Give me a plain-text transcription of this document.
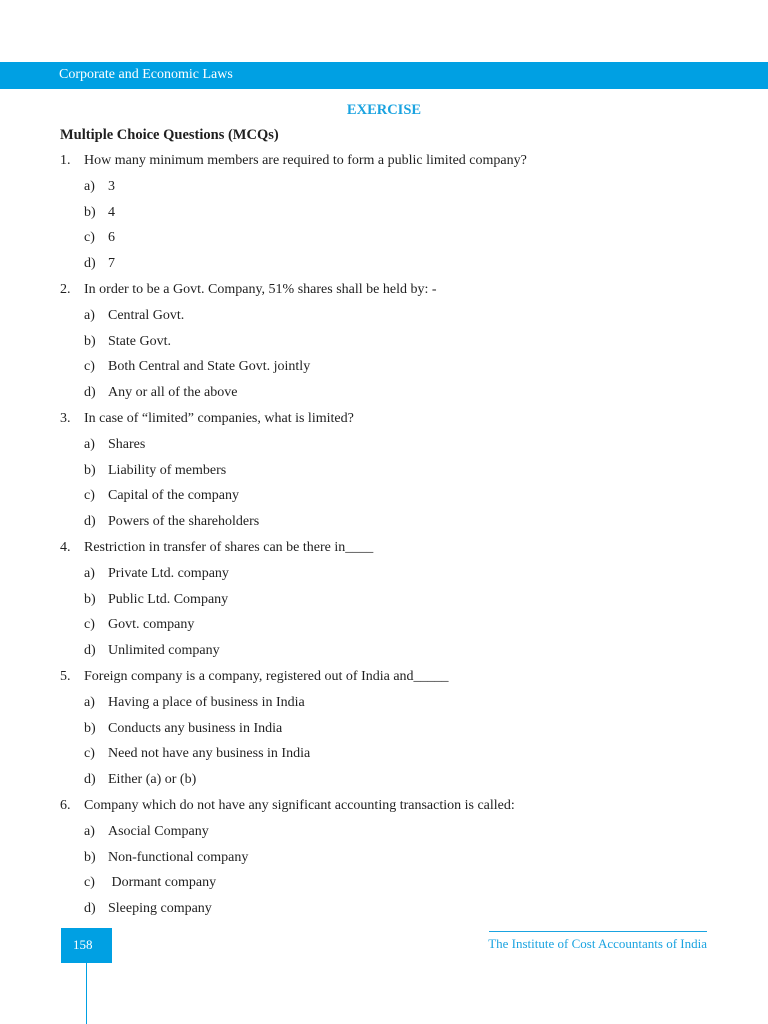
Corporate and Economic Laws
EXERCISE
Multiple Choice Questions (MCQs)
1. How many minimum members are required to form a public limited company?
a) 3
b) 4
c) 6
d) 7
2. In order to be a Govt. Company, 51% shares shall be held by: -
a) Central Govt.
b) State Govt.
c) Both Central and State Govt. jointly
d) Any or all of the above
3. In case of “limited” companies, what is limited?
a) Shares
b) Liability of members
c) Capital of the company
d) Powers of the shareholders
4. Restriction in transfer of shares can be there in____
a) Private Ltd. company
b) Public Ltd. Company
c) Govt. company
d) Unlimited company
5. Foreign company is a company, registered out of India and_____
a) Having a place of business in India
b) Conducts any business in India
c) Need not have any business in India
d) Either (a) or (b)
6. Company which do not have any significant accounting transaction is called:
a) Asocial Company
b) Non-functional company
c) Dormant company
d) Sleeping company
158	The Institute of Cost Accountants of India
